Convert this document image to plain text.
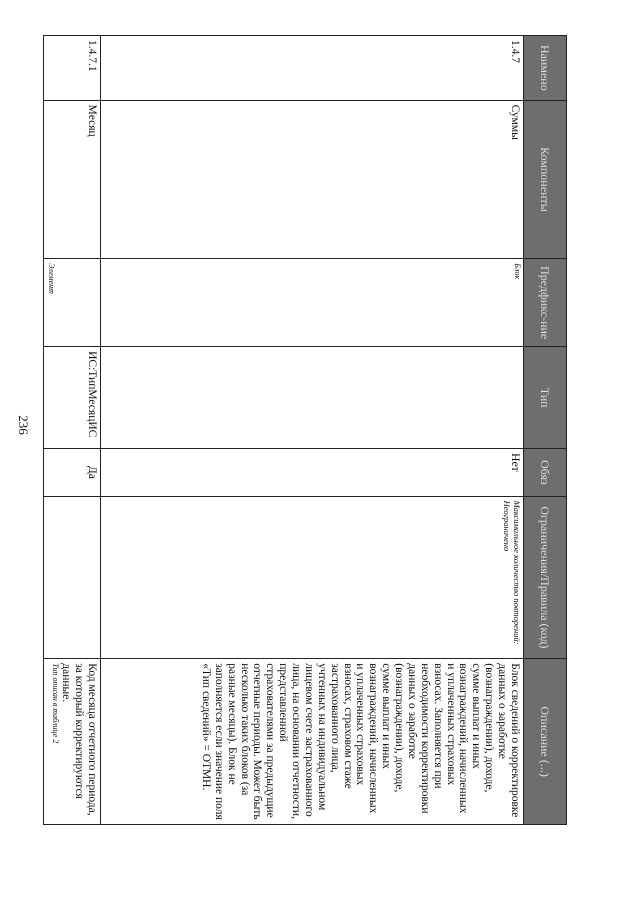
236
Наимено	Компоненты	Предфикс-ние	Тип	Обяз	Ограничения/Правила (код)	Описание (...)
1.4.7	Суммы	Блок		Нет	Максимальное количество повторений: Неограничено	Блок сведений о корректировке данных о заработке (вознаграждении), доходе, сумме выплат и иных вознаграждений, начисленных и уплаченных страховых взносах. Заполняется при необходимости корректировки данных о заработке (вознаграждении), доходе, сумме выплат и иных вознаграждений, начисленных и уплаченных страховых взносах, страховом стаже застрахованного лица, учтенных на индивидуальном лицевом счете застрахованного лица, на основании отчетности, представленной страхователями за предыдущие отчетные периоды. Может быть несколько таких блоков (за разные месяцы). Блок не заполняется если значение поля «Тип сведений» = ОТМН.
1.4.7.1	Месяц	Элемент	ИС:ТипМесяцИС	Да		Код месяца отчетного периода, за который корректируются данные.
Тип описан в таблице 2
